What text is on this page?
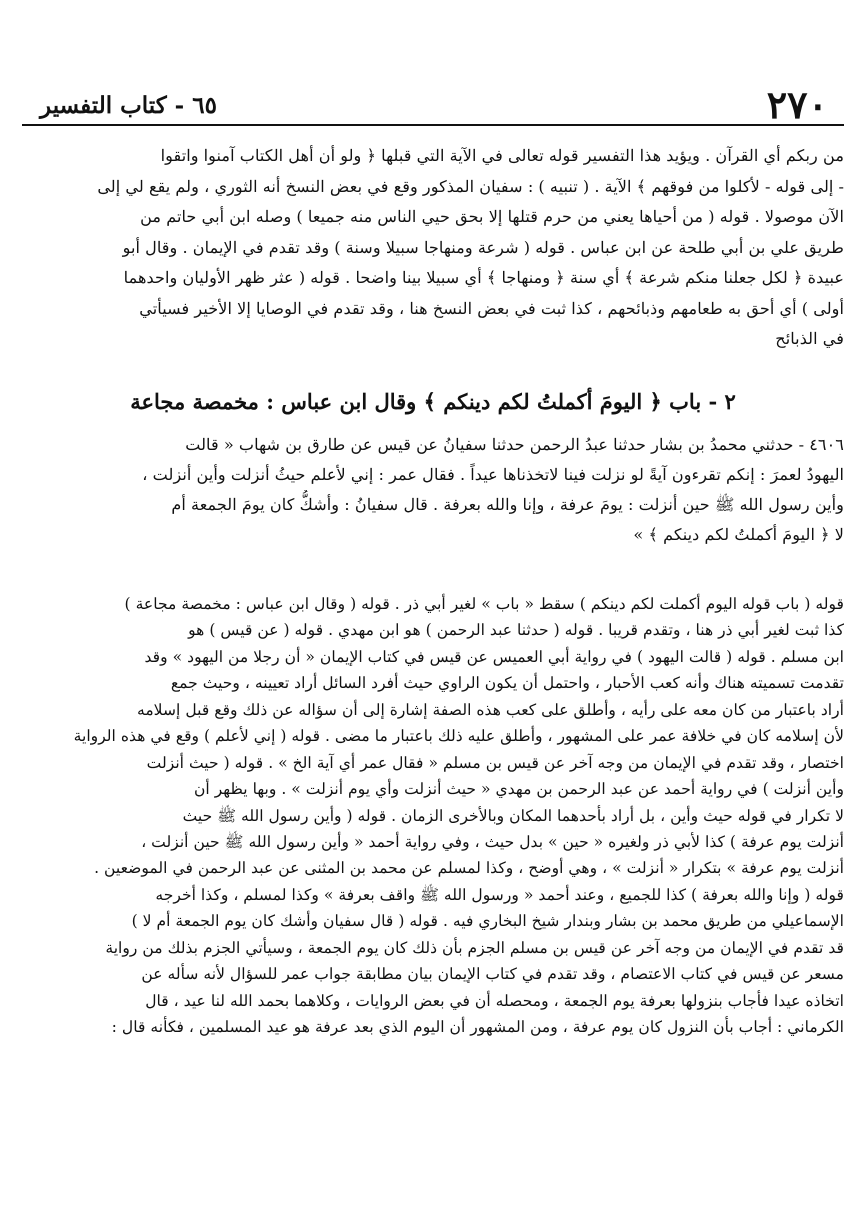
٢٧٠
٦٥ - كتاب التفسير
من ربكم أي القرآن . ويؤيد هذا التفسير قوله تعالى في الآية التي قبلها ﴿ ولو أن أهل الكتاب آمنوا واتقوا
- إلى قوله - لأكلوا من فوقهم ﴾ الآية . ( تنبيه ) : سفيان المذكور وقع في بعض النسخ أنه الثوري ، ولم يقع لي إلى
الآن موصولا . قوله ( من أحياها يعني من حرم قتلها إلا بحق حيي الناس منه جميعا ) وصله ابن أبي حاتم من
طريق علي بن أبي طلحة عن ابن عباس . قوله ( شرعة ومنهاجا سبيلا وسنة ) وقد تقدم في الإيمان . وقال أبو
عبيدة ﴿ لكل جعلنا منكم شرعة ﴾ أي سنة ﴿ ومنهاجا ﴾ أي سبيلا بينا واضحا . قوله ( عثر ظهر الأوليان واحدهما
أولى ) أي أحق به طعامهم وذبائحهم ، كذا ثبت في بعض النسخ هنا ، وقد تقدم في الوصايا إلا الأخير فسيأتي
في الذبائح
٢ - باب ﴿ اليومَ أكملتُ لكم دينكم ﴾ وقال ابن عباس : مخمصة مجاعة
٤٦٠٦ - حدثني محمدُ بن بشار حدثنا عبدُ الرحمن حدثنا سفيانُ عن قيس عن طارق بن شهاب « قالت
اليهودُ لعمرَ : إنكم تقرءون آيةً لو نزلت فينا لاتخذناها عيداً . فقال عمر : إني لأعلم حيثُ أنزلت وأين أنزلت ،
وأين رسول الله ﷺ حين أنزلت : يومَ عرفة ، وإنا والله بعرفة . قال سفيانُ : وأشكُّ كان يومَ الجمعة أم
لا ﴿ اليومَ أكملتُ لكم دينكم ﴾ »
قوله ( باب قوله اليوم أكملت لكم دينكم ) سقط « باب » لغير أبي ذر . قوله ( وقال ابن عباس : مخمصة مجاعة )
كذا ثبت لغير أبي ذر هنا ، وتقدم قريبا . قوله ( حدثنا عبد الرحمن ) هو ابن مهدي . قوله ( عن قيس ) هو
ابن مسلم . قوله ( قالت اليهود ) في رواية أبي العميس عن قيس في كتاب الإيمان « أن رجلا من اليهود » وقد
تقدمت تسميته هناك وأنه كعب الأحبار ، واحتمل أن يكون الراوي حيث أفرد السائل أراد تعيينه ، وحيث جمع
أراد باعتبار من كان معه على رأيه ، وأطلق على كعب هذه الصفة إشارة إلى أن سؤاله عن ذلك وقع قبل إسلامه
لأن إسلامه كان في خلافة عمر على المشهور ، وأطلق عليه ذلك باعتبار ما مضى . قوله ( إني لأعلم ) وقع في هذه الرواية
اختصار ، وقد تقدم في الإيمان من وجه آخر عن قيس بن مسلم « فقال عمر أي آية الخ » . قوله ( حيث أنزلت
وأين أنزلت ) في رواية أحمد عن عبد الرحمن بن مهدي « حيث أنزلت وأي يوم أنزلت » . وبها يظهر أن
لا تكرار في قوله حيث وأين ، بل أراد بأحدهما المكان وبالأخرى الزمان . قوله ( وأين رسول الله ﷺ حيث
أنزلت يوم عرفة ) كذا لأبي ذر ولغيره « حين » بدل حيث ، وفي رواية أحمد « وأين رسول الله ﷺ حين أنزلت ،
أنزلت يوم عرفة » بتكرار « أنزلت » ، وهي أوضح ، وكذا لمسلم عن محمد بن المثنى عن عبد الرحمن في الموضعين .
قوله ( وإنا والله بعرفة ) كذا للجميع ، وعند أحمد « ورسول الله ﷺ واقف بعرفة » وكذا لمسلم ، وكذا أخرجه
الإسماعيلي من طريق محمد بن بشار وبندار شيخ البخاري فيه . قوله ( قال سفيان وأشك كان يوم الجمعة أم لا )
قد تقدم في الإيمان من وجه آخر عن قيس بن مسلم الجزم بأن ذلك كان يوم الجمعة ، وسيأتي الجزم بذلك من رواية
مسعر عن قيس في كتاب الاعتصام ، وقد تقدم في كتاب الإيمان بيان مطابقة جواب عمر للسؤال لأنه سأله عن
اتخاذه عيدا فأجاب بنزولها بعرفة يوم الجمعة ، ومحصله أن في بعض الروايات ، وكلاهما بحمد الله لنا عيد ، قال
الكرماني : أجاب بأن النزول كان يوم عرفة ، ومن المشهور أن اليوم الذي بعد عرفة هو عيد المسلمين ، فكأنه قال :
